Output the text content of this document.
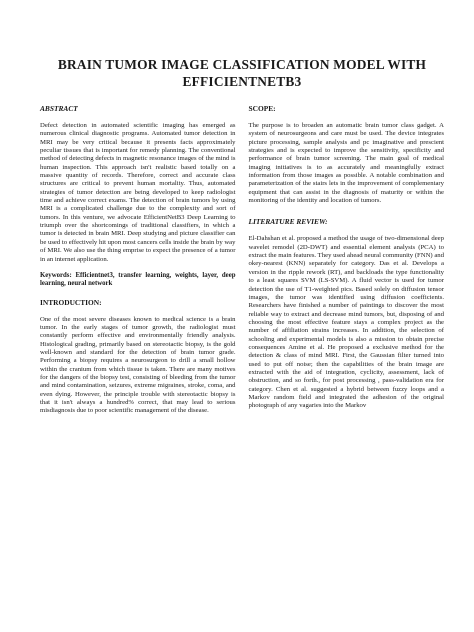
BRAIN TUMOR IMAGE CLASSIFICATION MODEL WITH EFFICIENTNETB3
ABSTRACT

Defect detection in automated scientific imaging has emerged as numerous clinical diagnostic programs. Automated tumor detection in MRI may be very critical because it presents facts approximately peculiar tissues that is important for remedy planning. The conventional method of detecting defects in magnetic resonance images of the mind is human inspection. This approach isn't realistic based totally on a massive quantity of records. Therefore, correct and accurate class structures are critical to prevent human mortality. Thus, automated strategies of tumor detection are being developed to keep radiologist time and achieve correct exams. The detection of brain tumors by using MRI is a complicated challenge due to the complexity and sort of tumors. In this venture, we advocate EfficientNetB3 Deep Learning to triumph over the shortcomings of traditional classifiers, in which a tumor is detected in brain MRI. Deep studying and picture classifier can be used to effectively hit upon most cancers cells inside the brain by way of MRI. We also use the thing emprise to expect the presence of a tumor in an internet application.

Keywords: Efficientnet3, transfer learning, weights, layer, deep learning, neural network

INTRODUCTION:

One of the most severe diseases known to medical science is a brain tumor. In the early stages of tumor growth, the radiologist must constantly perform effective and environmentally friendly analysis. Histological grading, primarily based on stereotactic biopsy, is the gold well-known and standard for the detection of brain tumor grade. Performing a biopsy requires a neurosurgeon to drill a small hollow within the cranium from which tissue is taken. There are many motives for the dangers of the biopsy test, consisting of bleeding from the tumor and mind contamination, seizures, extreme migraines, stroke, coma, and even dying. However, the principle trouble with stereotactic biopsy is that it isn't always a hundred% correct, that may lead to serious misdiagnosis due to poor scientific management of the disease.

SCOPE:

The purpose is to broaden an automatic brain tumor class gadget. A system of neurosurgeons and care must be used. The device integrates picture processing, sample analysis and pc imaginative and prescient strategies and is expected to improve the sensitivity, specificity and performance of brain tumor screening. The main goal of medical imaging initiatives is to as accurately and meaningfully extract information from those images as possible. A notable combination and parameterization of the stairs lets in the improvement of complementary equipment that can assist in the diagnosis of maturity or within the monitoring of the identity and location of tumors.

LITERATURE REVIEW:

El-Dahshan et al. proposed a method the usage of two-dimensional deep wavelet remodel (2D-DWT) and essential element analysis (PCA) to extract the main features. They used ahead neural community (FNN) and okey-nearest (KNN) separately for category. Das et al. Develops a version in the ripple rework (RT), and backloads the type functionality to a least squares SVM (LS-SVM). A fluid vector is used for tumor detection the use of T1-weighted pics. Based solely on diffusion tensor images, the tumor was identified using diffusion coefficients. Researchers have finished a number of paintings to discover the most reliable way to extract and decrease mind tumors, but, disposing of and choosing the most effective feature stays a complex project as the number of affiliation strains increases. In addition, the selection of schooling and experimental models is also a mission to obtain precise consequences Amine et al. He proposed a exclusive method for the detection & class of mind MRI. First, the Gaussian filter turned into used to put off noise; then the capabilities of the brain image are extracted with the aid of integration, cyclicity, assessment, lack of obstruction, and so forth., for post processing , pass-validation era for category. Chen et al. suggested a hybrid between fuzzy loops and a Markov random field and integrated the adhesion of the original photograph of any vagaries into the Markov
